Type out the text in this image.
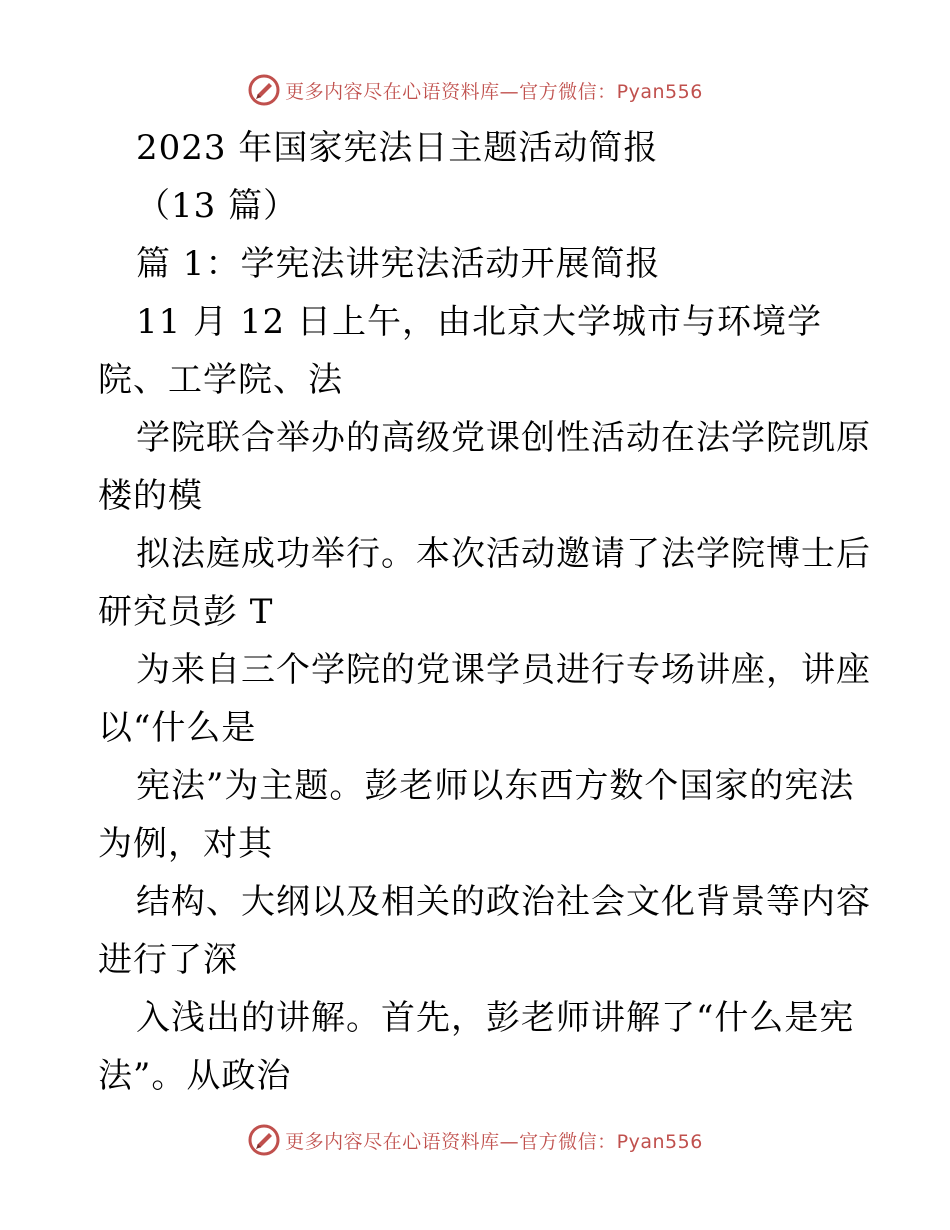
更多内容尽在心语资料库—官方微信：Pyan556
2023 年国家宪法日主题活动简报
（13 篇）
篇 1：学宪法讲宪法活动开展简报
11 月 12 日上午，由北京大学城市与环境学
院、工学院、法
学院联合举办的高级党课创性活动在法学院凯原
楼的模
拟法庭成功举行。本次活动邀请了法学院博士后
研究员彭 T
为来自三个学院的党课学员进行专场讲座，讲座
以“什么是
宪法”为主题。彭老师以东西方数个国家的宪法
为例，对其
结构、大纲以及相关的政治社会文化背景等内容
进行了深
入浅出的讲解。首先，彭老师讲解了“什么是宪
法”。从政治
更多内容尽在心语资料库—官方微信：Pyan556
